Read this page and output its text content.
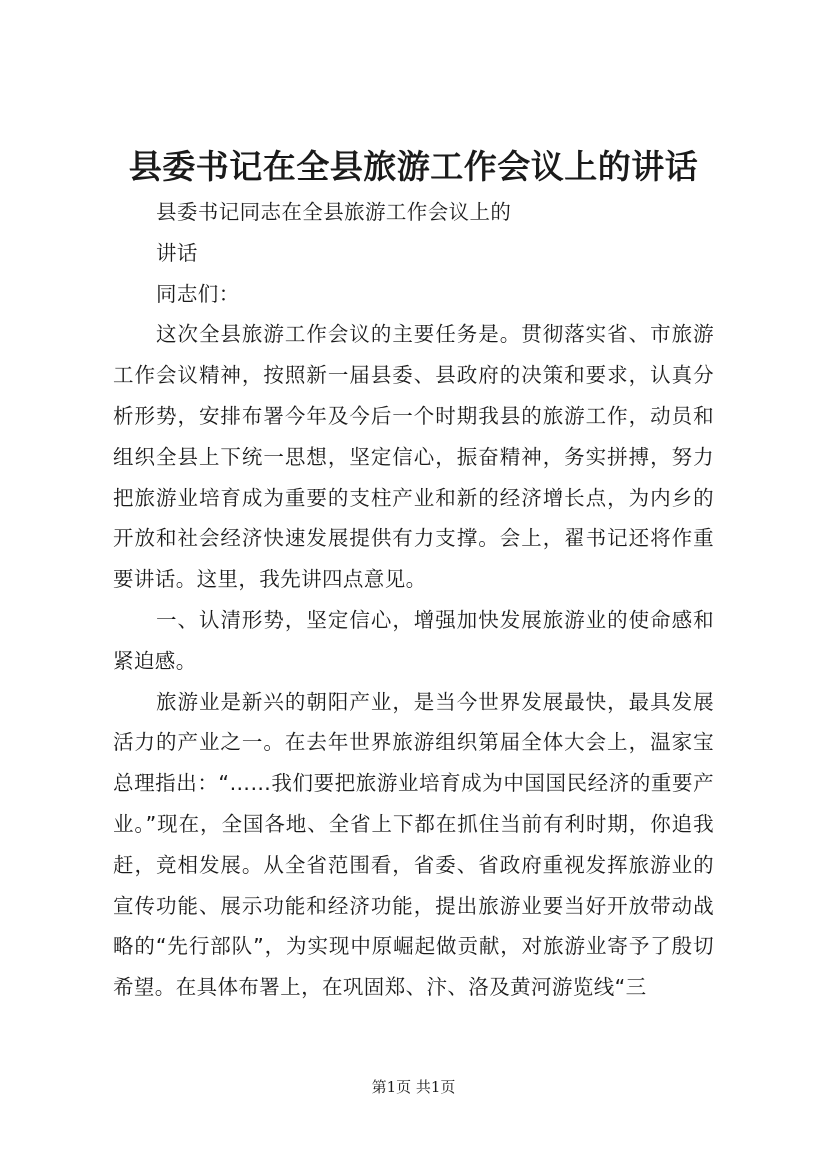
县委书记在全县旅游工作会议上的讲话

县委书记同志在全县旅游工作会议上的

讲话

同志们：

这次全县旅游工作会议的主要任务是。贯彻落实省、市旅游工作会议精神，按照新一届县委、县政府的决策和要求，认真分析形势，安排布署今年及今后一个时期我县的旅游工作，动员和组织全县上下统一思想，坚定信心，振奋精神，务实拼搏，努力把旅游业培育成为重要的支柱产业和新的经济增长点，为内乡的开放和社会经济快速发展提供有力支撑。会上，翟书记还将作重要讲话。这里，我先讲四点意见。

一、认清形势，坚定信心，增强加快发展旅游业的使命感和紧迫感。

旅游业是新兴的朝阳产业，是当今世界发展最快，最具发展活力的产业之一。在去年世界旅游组织第届全体大会上，温家宝总理指出：“……我们要把旅游业培育成为中国国民经济的重要产业。”现在，全国各地、全省上下都在抓住当前有利时期，你追我赶，竞相发展。从全省范围看，省委、省政府重视发挥旅游业的宣传功能、展示功能和经济功能，提出旅游业要当好开放带动战略的“先行部队”，为实现中原崛起做贡献，对旅游业寄予了殷切希望。在具体布署上，在巩固郑、汴、洛及黄河游览线“三

第1页 共1页
